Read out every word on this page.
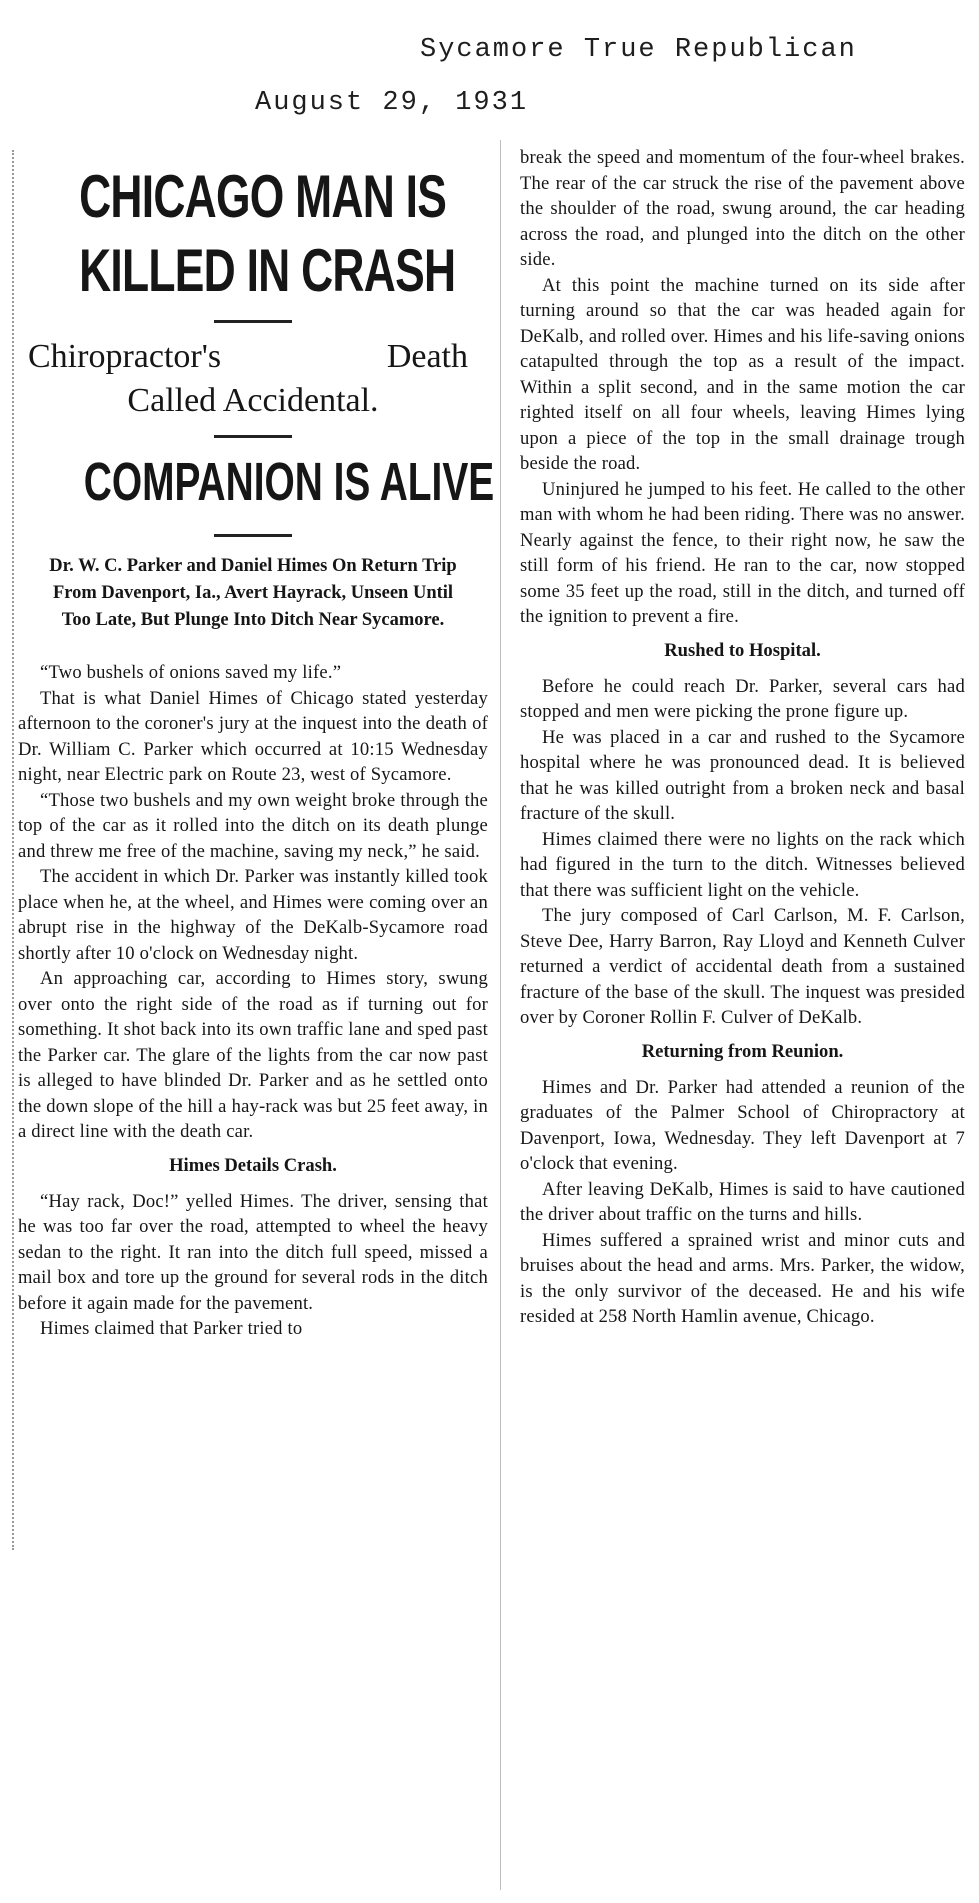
Sycamore True Republican
August 29, 1931
CHICAGO MAN IS
KILLED IN CRASH
Chiropractor's	Death
Called Accidental.
COMPANION IS ALIVE
Dr. W. C. Parker and Daniel Himes On Return Trip From Davenport, Ia., Avert Hayrack, Unseen Until Too Late, But Plunge Into Ditch Near Sycamore.

“Two bushels of onions saved my life.”

That is what Daniel Himes of Chicago stated yesterday afternoon to the coroner's jury at the inquest into the death of Dr. William C. Parker which occurred at 10:15 Wednesday night, near Electric park on Route 23, west of Sycamore.

“Those two bushels and my own weight broke through the top of the car as it rolled into the ditch on its death plunge and threw me free of the machine, saving my neck,” he said.

The accident in which Dr. Parker was instantly killed took place when he, at the wheel, and Himes were coming over an abrupt rise in the highway of the DeKalb-Sycamore road shortly after 10 o'clock on Wednesday night.

An approaching car, according to Himes story, swung over onto the right side of the road as if turning out for something. It shot back into its own traffic lane and sped past the Parker car. The glare of the lights from the car now past is alleged to have blinded Dr. Parker and as he settled onto the down slope of the hill a hay-rack was but 25 feet away, in a direct line with the death car.

Himes Details Crash.

“Hay rack, Doc!” yelled Himes. The driver, sensing that he was too far over the road, attempted to wheel the heavy sedan to the right. It ran into the ditch full speed, missed a mail box and tore up the ground for several rods in the ditch before it again made for the pavement.

Himes claimed that Parker tried to

break the speed and momentum of the four-wheel brakes. The rear of the car struck the rise of the pavement above the shoulder of the road, swung around, the car heading across the road, and plunged into the ditch on the other side.

At this point the machine turned on its side after turning around so that the car was headed again for DeKalb, and rolled over. Himes and his life-saving onions catapulted through the top as a result of the impact. Within a split second, and in the same motion the car righted itself on all four wheels, leaving Himes lying upon a piece of the top in the small drainage trough beside the road.

Uninjured he jumped to his feet. He called to the other man with whom he had been riding. There was no answer. Nearly against the fence, to their right now, he saw the still form of his friend. He ran to the car, now stopped some 35 feet up the road, still in the ditch, and turned off the ignition to prevent a fire.

Rushed to Hospital.

Before he could reach Dr. Parker, several cars had stopped and men were picking the prone figure up.

He was placed in a car and rushed to the Sycamore hospital where he was pronounced dead. It is believed that he was killed outright from a broken neck and basal fracture of the skull.

Himes claimed there were no lights on the rack which had figured in the turn to the ditch. Witnesses believed that there was sufficient light on the vehicle.

The jury composed of Carl Carlson, M. F. Carlson, Steve Dee, Harry Barron, Ray Lloyd and Kenneth Culver returned a verdict of accidental death from a sustained fracture of the base of the skull. The inquest was presided over by Coroner Rollin F. Culver of DeKalb.

Returning from Reunion.

Himes and Dr. Parker had attended a reunion of the graduates of the Palmer School of Chiropractory at Davenport, Iowa, Wednesday. They left Davenport at 7 o'clock that evening.

After leaving DeKalb, Himes is said to have cautioned the driver about traffic on the turns and hills.

Himes suffered a sprained wrist and minor cuts and bruises about the head and arms. Mrs. Parker, the widow, is the only survivor of the deceased. He and his wife resided at 258 North Hamlin avenue, Chicago.
